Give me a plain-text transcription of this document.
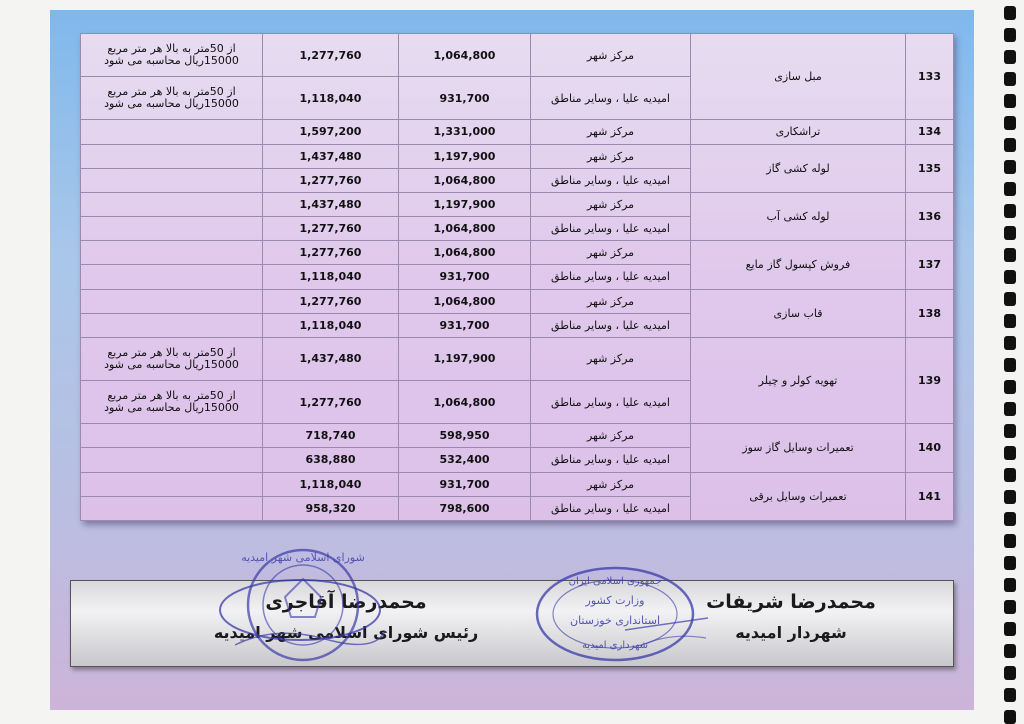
از 50متر به بالا هر متر مربع
15000ریال محاسبه می شود	1,277,760	1,064,800	مرکز شهر	مبل سازی	133

از 50متر به بالا هر متر مربع
15000ریال محاسبه می شود	1,118,040	931,700	امیدیه علیا ، وسایر مناطق		
	1,597,200	1,331,000	مرکز شهر	تراشکاری	134
	1,437,480	1,197,900	مرکز شهر	لوله کشی گاز	135
	1,277,760	1,064,800	امیدیه علیا ، وسایر مناطق		
	1,437,480	1,197,900	مرکز شهر	لوله کشی آب	136
	1,277,760	1,064,800	امیدیه علیا ، وسایر مناطق		
	1,277,760	1,064,800	مرکز شهر	فروش کپسول گاز مایع	137
	1,118,040	931,700	امیدیه علیا ، وسایر مناطق		
	1,277,760	1,064,800	مرکز شهر	قاب سازی	138
	1,118,040	931,700	امیدیه علیا ، وسایر مناطق		

از 50متر به بالا هر متر مربع
15000ریال محاسبه می شود	1,437,480	1,197,900	مرکز شهر	تهویه کولر و چیلر	139

از 50متر به بالا هر متر مربع
15000ریال محاسبه می شود	1,277,760	1,064,800	امیدیه علیا ، وسایر مناطق		
	718,740	598,950	مرکز شهر	تعمیرات وسایل گاز سوز	140
	638,880	532,400	امیدیه علیا ، وسایر مناطق		
	1,118,040	931,700	مرکز شهر	تعمیرات وسایل برقی	141
	958,320	798,600	امیدیه علیا ، وسایر مناطق		
محمدرضا آقاجری
رئیس شورای اسلامی شهر امیدیه
محمدرضا شریفات
شهردار امیدیه
شورای اسلامی شهر امیدیه
جمهوری اسلامی ایران
وزارت کشور
استانداری خوزستان
شهرداری امیدیه
